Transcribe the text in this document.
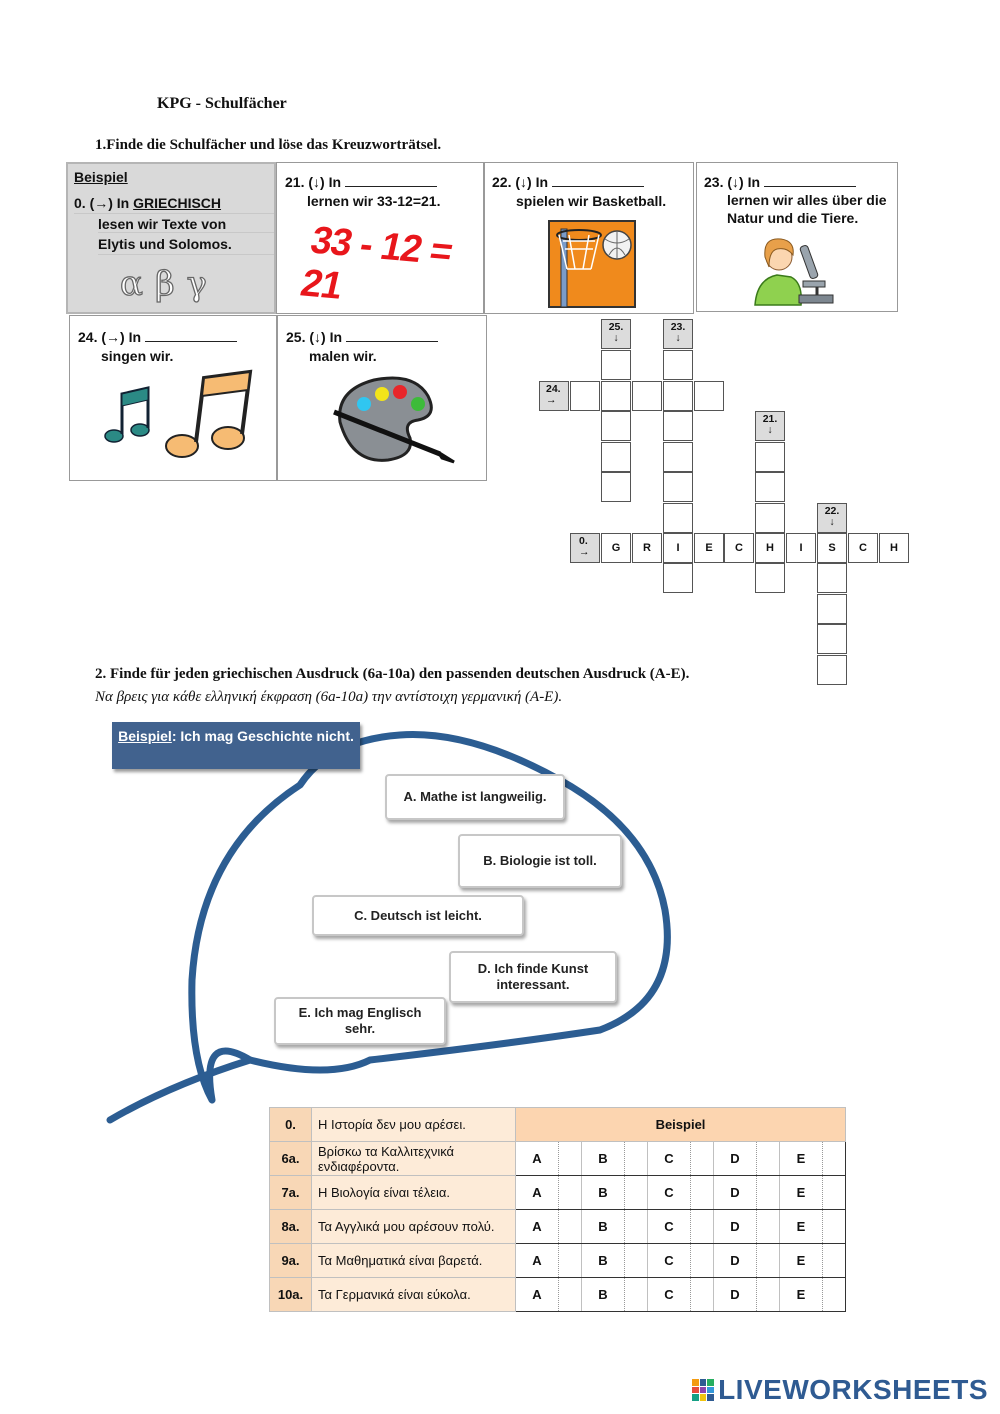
KPG - Schulfächer
1.Finde die Schulfächer und löse das Kreuzworträtsel.
Beispiel
0. (→) In GRIECHISCH
lesen wir Texte von
Elytis und Solomos.
αβγ
21. (↓) In
lernen wir 33-12=21.
33 - 12 = 21
22. (↓) In
spielen wir Basketball.
23. (↓) In
lernen wir alles über die
Natur und die Tiere.
24. (→) In
singen wir.
25. (↓) In
malen wir.
25.
↓
23.
↓
24.
→
21.
↓
22.
↓
0.
→	G	R	I	E	C	H	I	S	C	H
2. Finde für jeden griechischen Ausdruck (6a-10a) den passenden deutschen Ausdruck (A-E).
Να βρεις για κάθε ελληνική έκφραση (6a-10a) την αντίστοιχη γερμανική (A-E).
Beispiel: Ich mag Geschichte nicht.
A. Mathe ist langweilig.
B. Biologie ist toll.
C. Deutsch ist leicht.
D. Ich finde Kunst interessant.
E. Ich mag Englisch sehr.
0.	Η Ιστορία δεν μου αρέσει.	Beispiel									
6a.	Βρίσκω τα Καλλιτεχνικά ενδιαφέροντα.	A		B		C		D		E	
7a.	Η Βιολογία είναι τέλεια.	A		B		C		D		E	
8a.	Τα Αγγλικά μου αρέσουν πολύ.	A		B		C		D		E	
9a.	Τα Μαθηματικά είναι βαρετά.	A		B		C		D		E	
10a.	Τα Γερμανικά είναι εύκολα.	A		B		C		D		E	
LIVEWORKSHEETS
